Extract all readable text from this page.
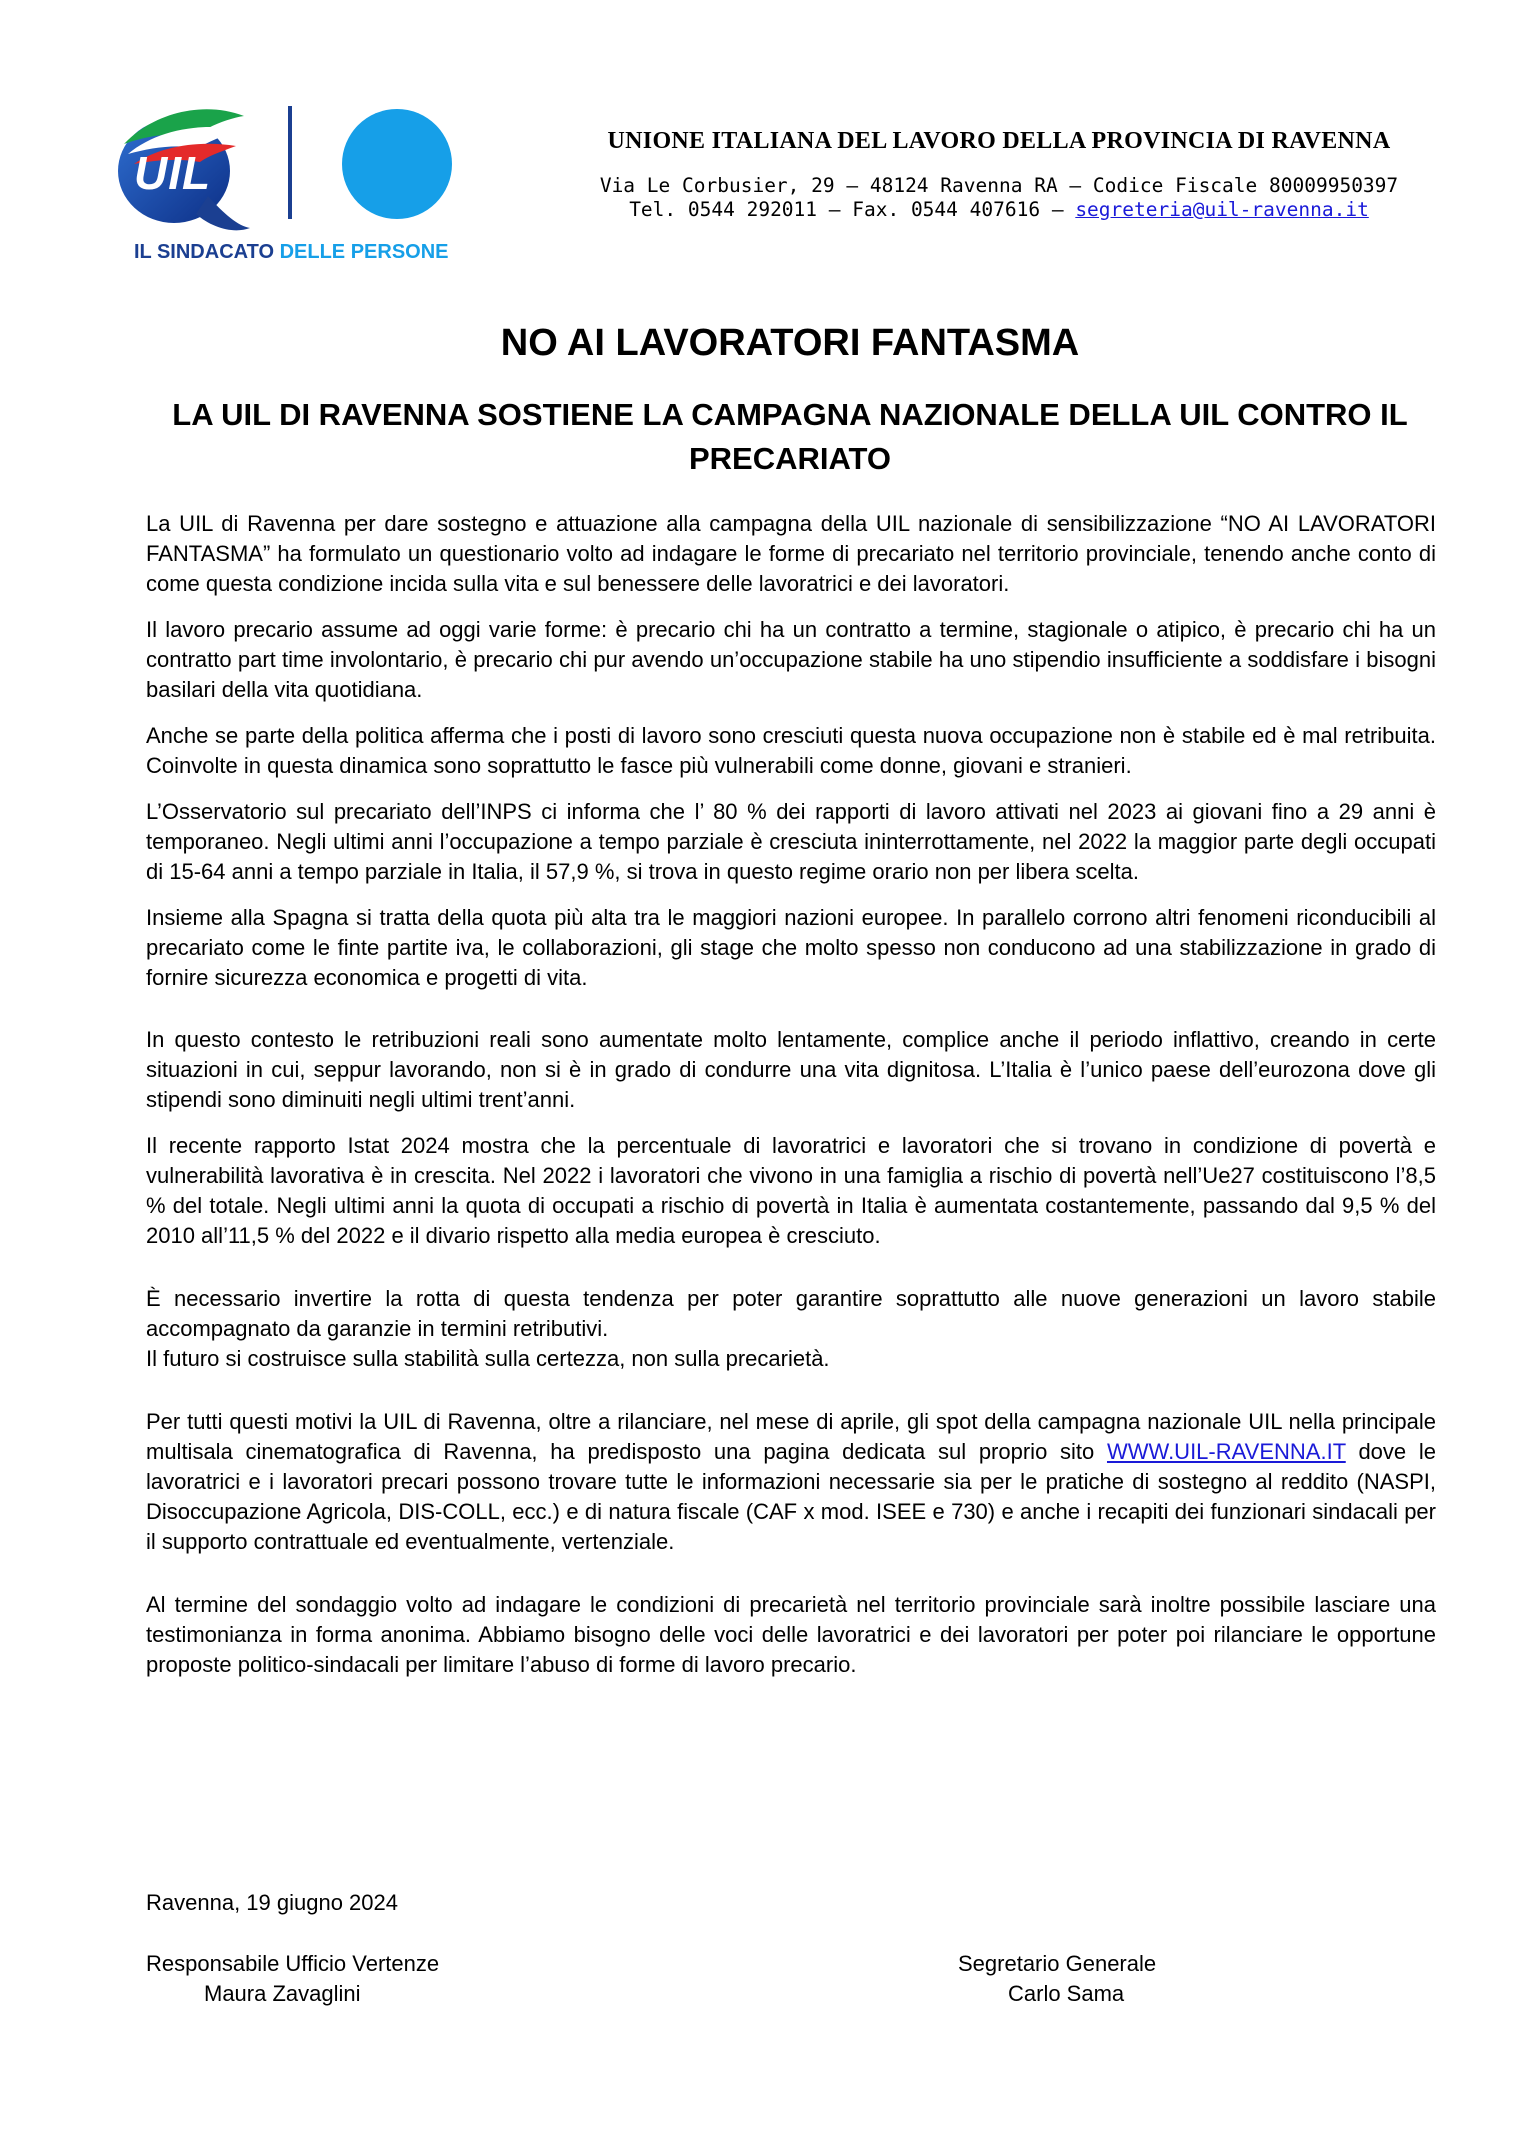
UIL
IL SINDACATO DELLE PERSONE
UNIONE ITALIANA DEL LAVORO DELLA PROVINCIA DI RAVENNA
Via Le Corbusier, 29 – 48124 Ravenna RA – Codice Fiscale 80009950397
Tel. 0544 292011 – Fax. 0544 407616 – segreteria@uil-ravenna.it
NO AI LAVORATORI FANTASMA
LA UIL DI RAVENNA SOSTIENE LA CAMPAGNA NAZIONALE DELLA UIL CONTRO IL PRECARIATO

La UIL di Ravenna per dare sostegno e attuazione alla campagna della UIL nazionale di sensibilizzazione “NO AI LAVORATORI FANTASMA” ha formulato un questionario volto ad indagare le forme di precariato nel territorio provinciale, tenendo anche conto di come questa condizione incida sulla vita e sul benessere delle lavoratrici e dei lavoratori.

Il lavoro precario assume ad oggi varie forme: è precario chi ha un contratto a termine, stagionale o atipico, è precario chi ha un contratto part time involontario, è precario chi pur avendo un’occupazione stabile ha uno stipendio insufficiente a soddisfare i bisogni basilari della vita quotidiana.

Anche se parte della politica afferma che i posti di lavoro sono cresciuti questa nuova occupazione non è stabile ed è mal retribuita. Coinvolte in questa dinamica sono soprattutto le fasce più vulnerabili come donne, giovani e stranieri.

L’Osservatorio sul precariato dell’INPS ci informa che l’ 80 % dei rapporti di lavoro attivati nel 2023 ai giovani fino a 29 anni è temporaneo. Negli ultimi anni l’occupazione a tempo parziale è cresciuta ininterrottamente, nel 2022 la maggior parte degli occupati di 15-64 anni a tempo parziale in Italia, il 57,9 %, si trova in questo regime orario non per libera scelta.

Insieme alla Spagna si tratta della quota più alta tra le maggiori nazioni europee. In parallelo corrono altri fenomeni riconducibili al precariato come le finte partite iva, le collaborazioni, gli stage che molto spesso non conducono ad una stabilizzazione in grado di fornire sicurezza economica e progetti di vita.

In questo contesto le retribuzioni reali sono aumentate molto lentamente, complice anche il periodo inflattivo, creando in certe situazioni in cui, seppur lavorando, non si è in grado di condurre una vita dignitosa. L’Italia è l’unico paese dell’eurozona dove gli stipendi sono diminuiti negli ultimi trent’anni.

Il recente rapporto Istat 2024 mostra che la percentuale di lavoratrici e lavoratori che si trovano in condizione di povertà e vulnerabilità lavorativa è in crescita. Nel 2022 i lavoratori che vivono in una famiglia a rischio di povertà nell’Ue27 costituiscono l’8,5 % del totale. Negli ultimi anni la quota di occupati a rischio di povertà in Italia è aumentata costantemente, passando dal 9,5 % del 2010 all’11,5 % del 2022 e il divario rispetto alla media europea è cresciuto.

È necessario invertire la rotta di questa tendenza per poter garantire soprattutto alle nuove generazioni un lavoro stabile accompagnato da garanzie in termini retributivi.

Il futuro si costruisce sulla stabilità sulla certezza, non sulla precarietà.

Per tutti questi motivi la UIL di Ravenna, oltre a rilanciare, nel mese di aprile, gli spot della campagna nazionale UIL nella principale multisala cinematografica di Ravenna, ha predisposto una pagina dedicata sul proprio sito WWW.UIL-RAVENNA.IT dove le lavoratrici e i lavoratori precari possono trovare tutte le informazioni necessarie sia per le pratiche di sostegno al reddito (NASPI, Disoccupazione Agricola, DIS-COLL, ecc.) e di natura fiscale (CAF x mod. ISEE e 730) e anche i recapiti dei funzionari sindacali per il supporto contrattuale ed eventualmente, vertenziale.

Al termine del sondaggio volto ad indagare le condizioni di precarietà nel territorio provinciale sarà inoltre possibile lasciare una testimonianza in forma anonima. Abbiamo bisogno delle voci delle lavoratrici e dei lavoratori per poter poi rilanciare le opportune proposte politico-sindacali per limitare l’abuso di forme di lavoro precario.

Ravenna, 19 giugno 2024
Responsabile Ufficio Vertenze
Maura Zavaglini
Segretario Generale
Carlo Sama
